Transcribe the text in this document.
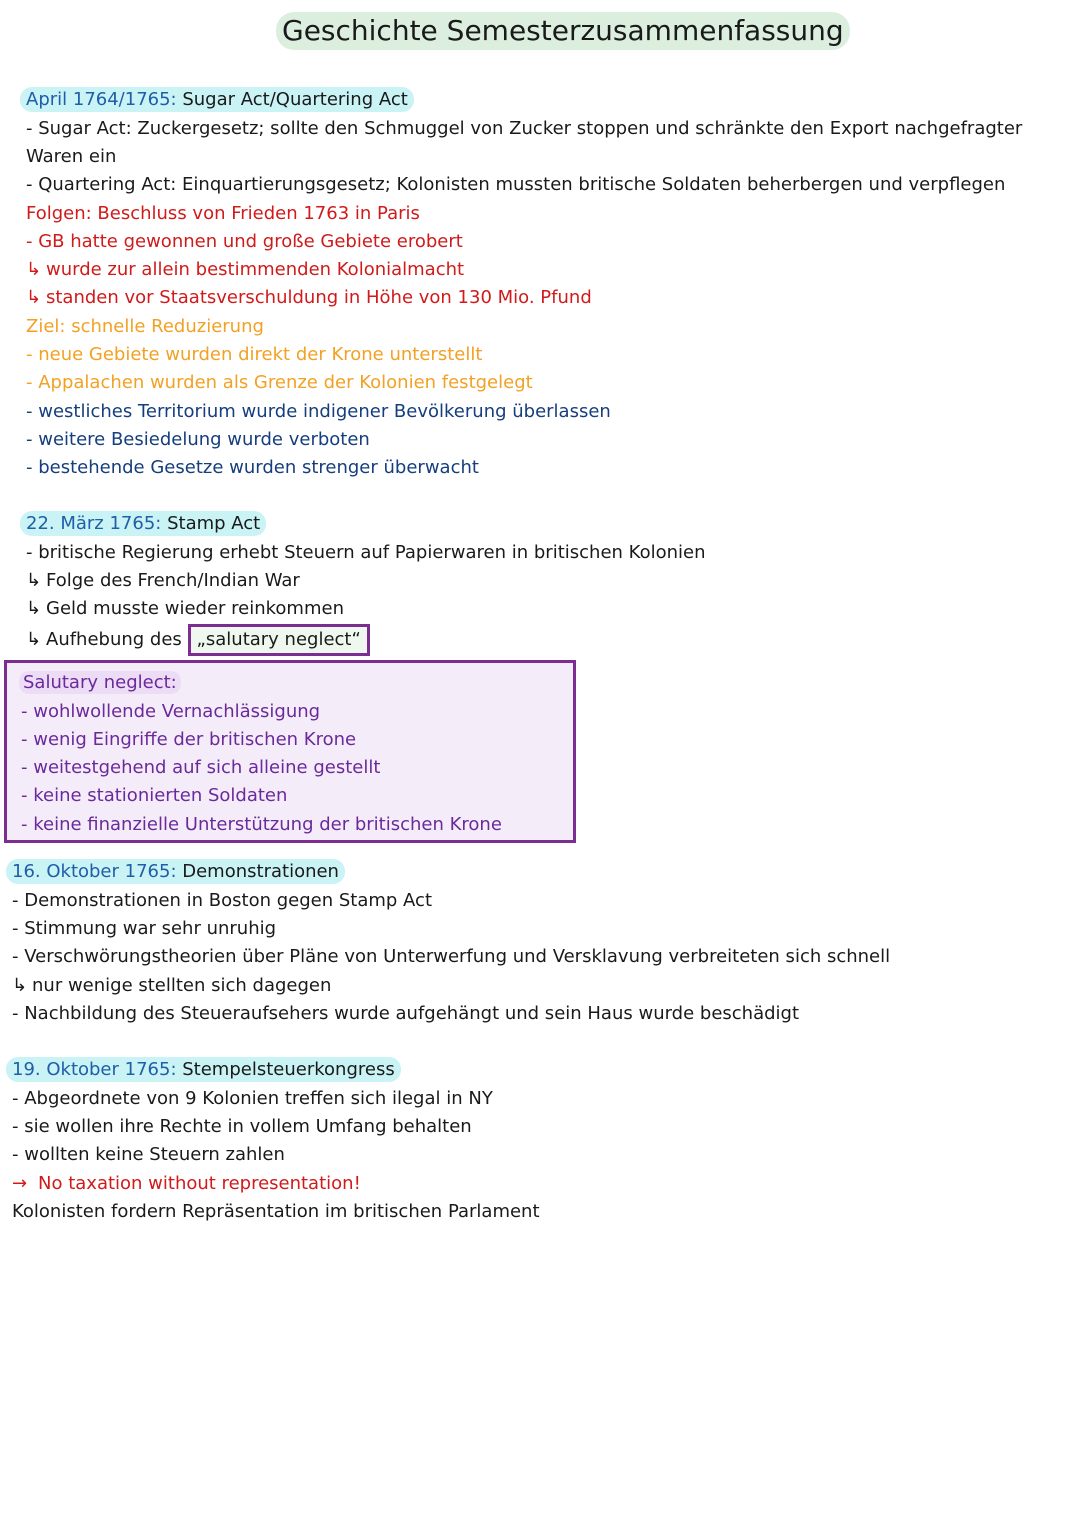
Geschichte Semesterzusammenfassung
April 1764/1765: Sugar Act/Quartering Act
- Sugar Act: Zuckergesetz; sollte den Schmuggel von Zucker stoppen und schränkte den Export nachgefragter
Waren ein
- Quartering Act: Einquartierungsgesetz; Kolonisten mussten britische Soldaten beherbergen und verpflegen
Folgen: Beschluss von Frieden 1763 in Paris
- GB hatte gewonnen und große Gebiete erobert
↳ wurde zur allein bestimmenden Kolonialmacht
↳ standen vor Staatsverschuldung in Höhe von 130 Mio. Pfund
Ziel: schnelle Reduzierung
- neue Gebiete wurden direkt der Krone unterstellt
- Appalachen wurden als Grenze der Kolonien festgelegt
- westliches Territorium wurde indigener Bevölkerung überlassen
- weitere Besiedelung wurde verboten
- bestehende Gesetze wurden strenger überwacht
22. März 1765: Stamp Act
- britische Regierung erhebt Steuern auf Papierwaren in britischen Kolonien
↳ Folge des French/Indian War
↳ Geld musste wieder reinkommen
↳ Aufhebung des „salutary neglect“
Salutary neglect:
- wohlwollende Vernachlässigung
- wenig Eingriffe der britischen Krone
- weitestgehend auf sich alleine gestellt
- keine stationierten Soldaten
- keine finanzielle Unterstützung der britischen Krone
16. Oktober 1765: Demonstrationen
- Demonstrationen in Boston gegen Stamp Act
- Stimmung war sehr unruhig
- Verschwörungstheorien über Pläne von Unterwerfung und Versklavung verbreiteten sich schnell
↳ nur wenige stellten sich dagegen
- Nachbildung des Steueraufsehers wurde aufgehängt und sein Haus wurde beschädigt
19. Oktober 1765: Stempelsteuerkongress
- Abgeordnete von 9 Kolonien treffen sich ilegal in NY
- sie wollen ihre Rechte in vollem Umfang behalten
- wollten keine Steuern zahlen
→ No taxation without representation!
Kolonisten fordern Repräsentation im britischen Parlament
